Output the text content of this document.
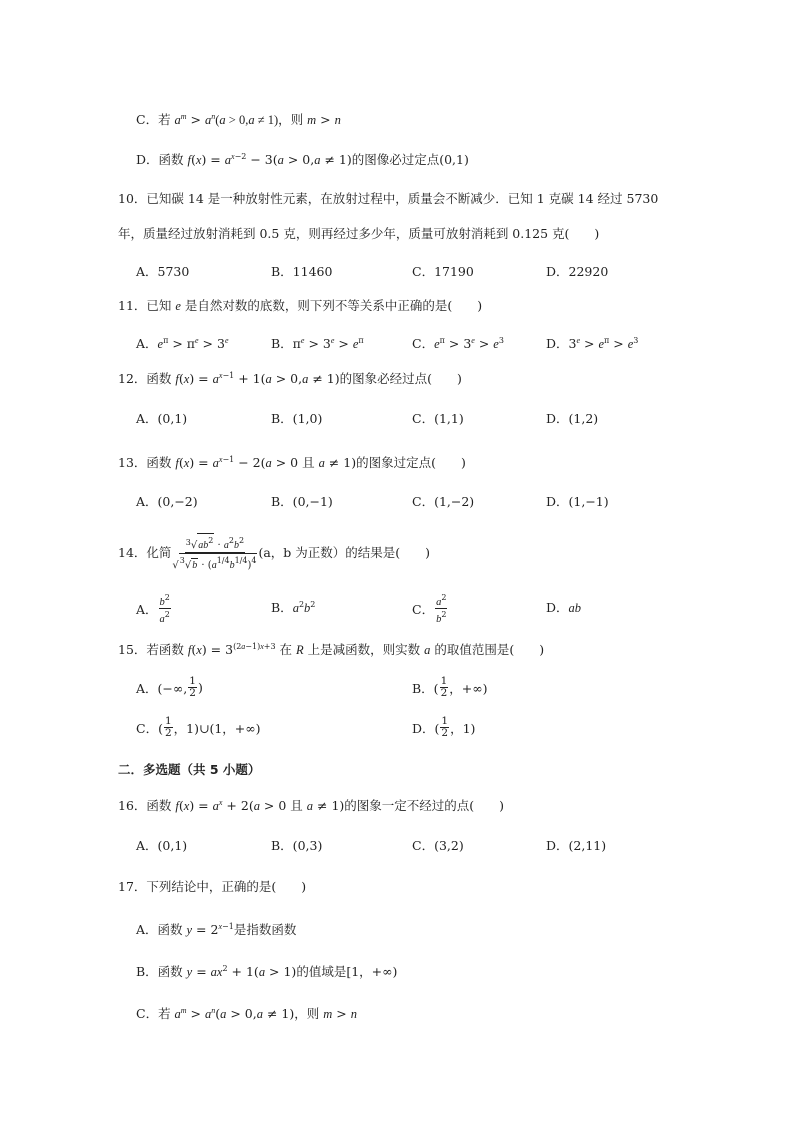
C．若 $a^m > a^n(a > 0,a \ne 1)$，则 m > n
D．函数 $f(x) = a^{x-2} - 3(a > 0,a \ne 1)$的图像必过定点(0,1)
10．已知碳 14 是一种放射性元素，在放射过程中，质量会不断减少．已知 1 克碳 14 经过 5730
年，质量经过放射消耗到 0.5 克，则再经过多少年，质量可放射消耗到 0.125 克(　　)
A．5730	B．11460	C．17190	D．22920
11．已知 e 是自然对数的底数，则下列不等关系中正确的是(　　)
A．$e^\pi > \pi^e > 3^e$	B．$\pi^e > 3^e > e^\pi$	C．$e^\pi > 3^e > e^3$	D．$3^e > e^\pi > e^3$
12．函数 $f(x) = a^{x-1} + 1(a > 0,a \ne 1)$的图象必经过点(　　)
A．(0,1)	B．(1,0)	C．(1,1)	D．(1,2)
13．函数 $f(x) = a^{x-1} - 2(a > 0$ 且 a ≠ 1)的图象过定点(　　)
A．(0,−2)	B．(0,−1)	C．(1,−2)	D．(1,−1)
14．化简 $\frac{^3√ab^2 \cdot a^2b^2}{√^3√b \cdot (a^{1/4}b^{1/4})^4} (a$，b 为正数）的结果是(　　)
A． $\frac{b^2}{a^2}$	B．$a^2b^2$	C． $\frac{a^2}{b^2}$	D．ab
15．若函数 $f(x) = 3^{(2a-1)x+3}$ 在 R 上是减函数，则实数 a 的取值范围是(　　)
A．(−∞, $\frac{1}{2}$ )	B．( $\frac{1}{2}$ ，+∞)
C．( $\frac{1}{2}$ ，1)∪(1，+∞)	D．( $\frac{1}{2}$ ，1)
二．多选题（共 5 小题）
16．函数 $f(x) = a^x + 2(a > 0$ 且 a ≠ 1)的图象一定不经过的点(　　)
A．(0,1)	B．(0,3)	C．(3,2)	D．(2,11)
17．下列结论中，正确的是(　　)
A．函数 $y = 2^{x-1}$是指数函数
B．函数 $y = ax^2 + 1(a > 1)$的值域是[1，+∞)
C．若 $a^m > a^n(a > 0,a \ne 1)$，则 m > n
